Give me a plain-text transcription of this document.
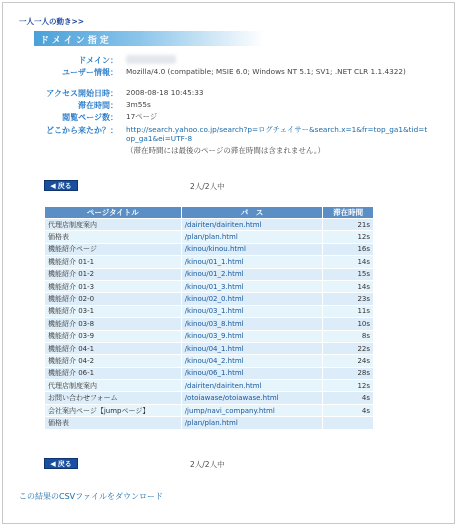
一人一人の動き>>
ドメイン指定
ドメイン：
ユーザー情報：	Mozilla/4.0 (compatible; MSIE 6.0; Windows NT 5.1; SV1; .NET CLR 1.1.4322)
アクセス開始日時：	2008-08-18 10:45:33
滞在時間：	3m55s
閲覧ページ数：	17ページ
どこから来たか？：	http://search.yahoo.co.jp/search?p=ログチェイサー&search.x=1&fr=top_ga1&tid=top_ga1&ei=UTF-8
（滞在時間には最後のページの滞在時間は含まれません。）
◀ 戻る	2人/2人中
ページタイトル	パ　ス	滞在時間
代理店制度案内	/dairiten/dairiten.html	21s
価格表	/plan/plan.html	12s
機能紹介ページ	/kinou/kinou.html	16s
機能紹介 01-1	/kinou/01_1.html	14s
機能紹介 01-2	/kinou/01_2.html	15s
機能紹介 01-3	/kinou/01_3.html	14s
機能紹介 02-0	/kinou/02_0.html	23s
機能紹介 03-1	/kinou/03_1.html	11s
機能紹介 03-8	/kinou/03_8.html	10s
機能紹介 03-9	/kinou/03_9.html	8s
機能紹介 04-1	/kinou/04_1.html	22s
機能紹介 04-2	/kinou/04_2.html	24s
機能紹介 06-1	/kinou/06_1.html	28s
代理店制度案内	/dairiten/dairiten.html	12s
お問い合わせフォーム	/otoiawase/otoiawase.html	4s
会社案内ページ【jumpページ】	/jump/navi_company.html	4s
価格表	/plan/plan.html	
◀ 戻る	2人/2人中
この結果のCSVファイルをダウンロード
